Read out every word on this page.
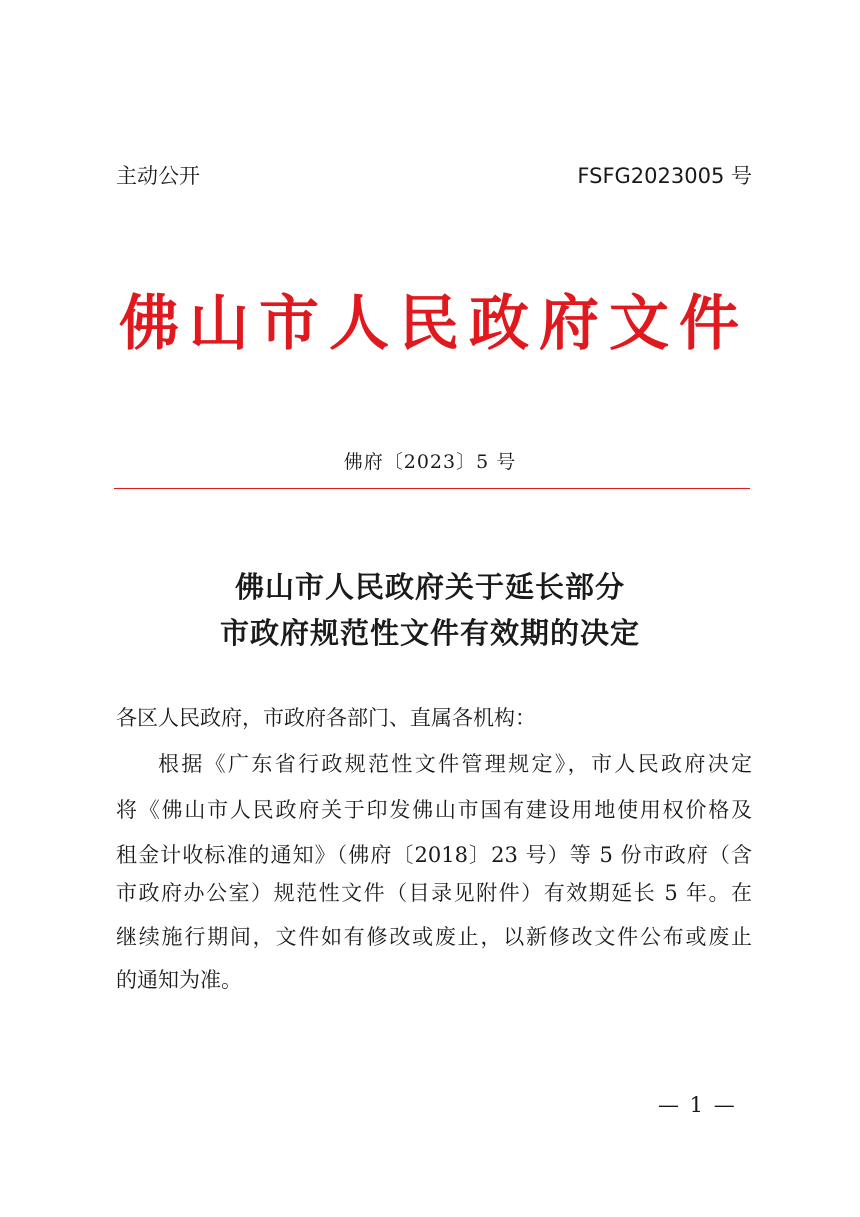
主动公开	FSFG2023005 号
佛山市人民政府文件
佛府〔2023〕5 号
佛山市人民政府关于延长部分
市政府规范性文件有效期的决定
各区人民政府，市政府各部门、直属各机构：
根据《广东省行政规范性文件管理规定》，市人民政府决定
将《佛山市人民政府关于印发佛山市国有建设用地使用权价格及
租金计收标准的通知》（佛府〔2018〕23 号）等 5 份市政府（含
市政府办公室）规范性文件（目录见附件）有效期延长 5 年。在
继续施行期间，文件如有修改或废止，以新修改文件公布或废止
的通知为准。
— 1 —
